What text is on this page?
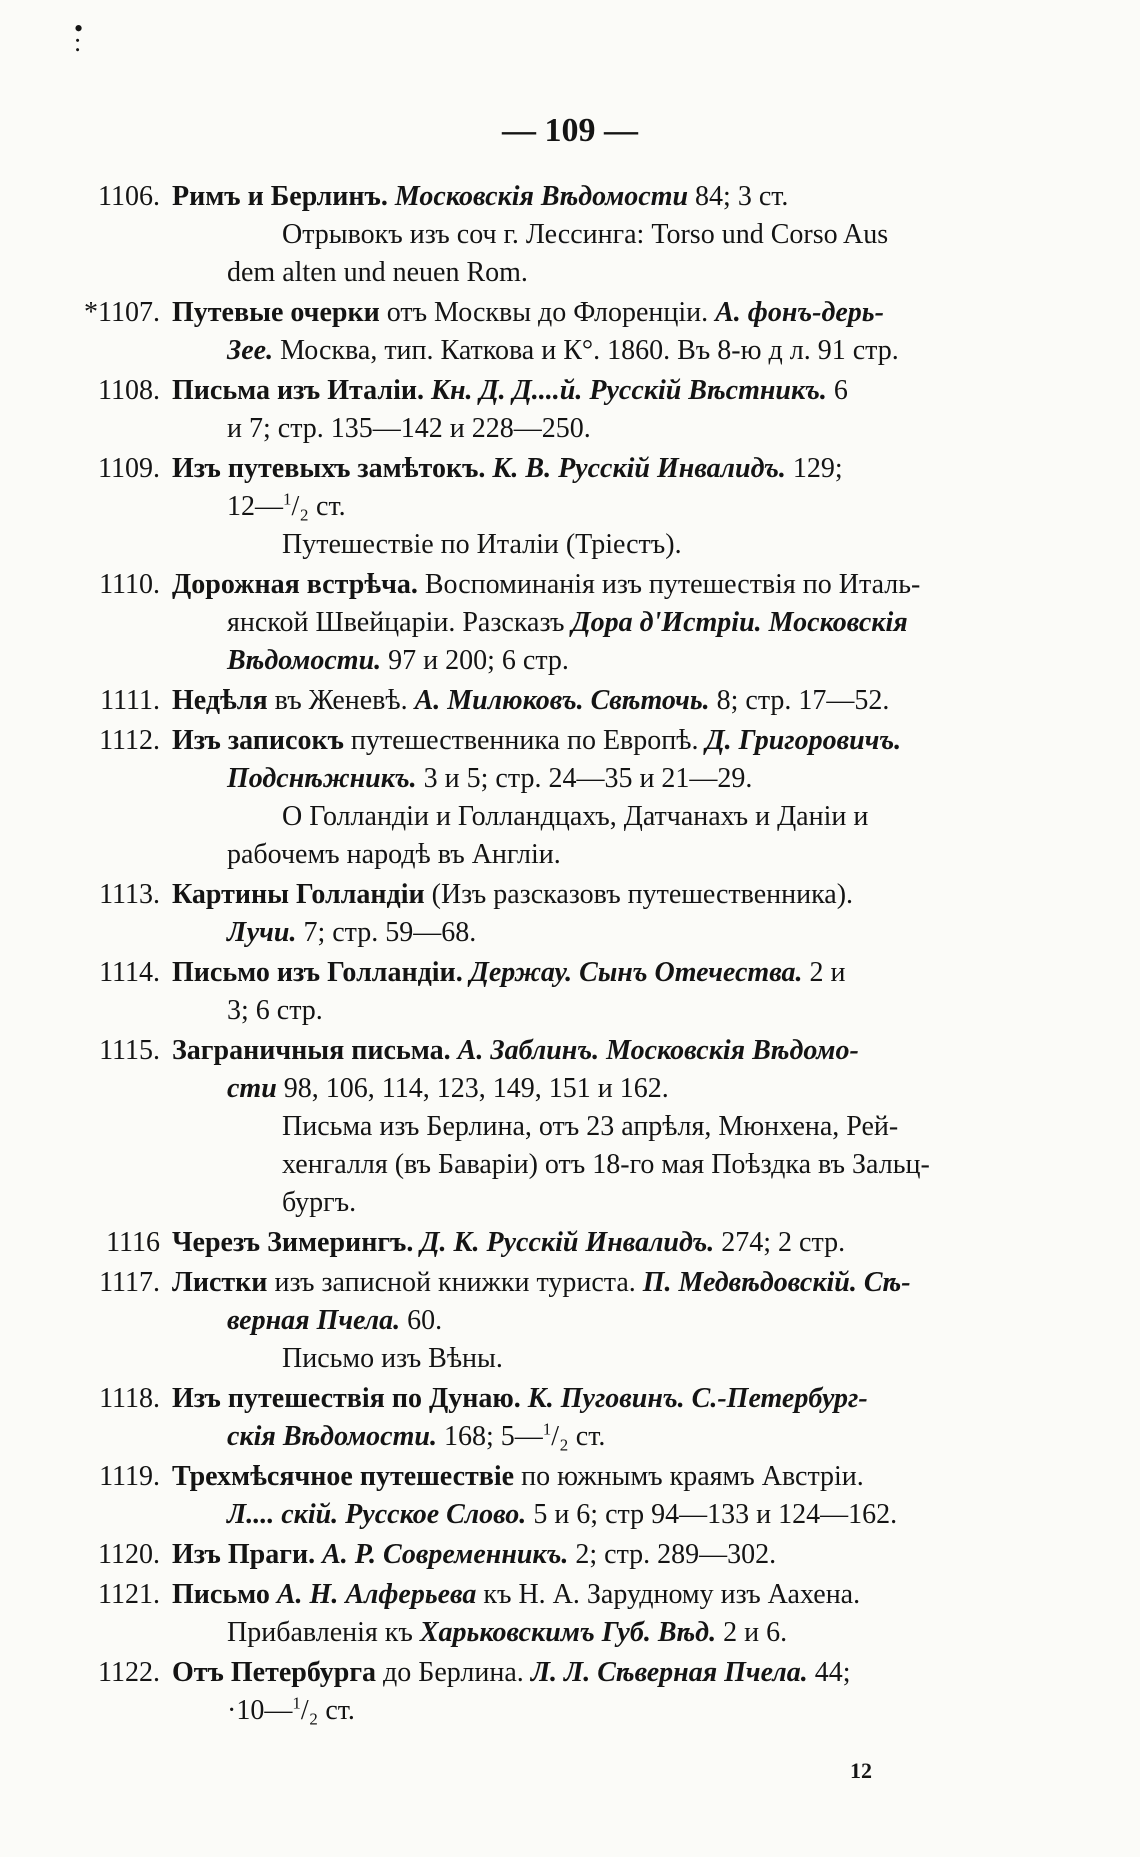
•
:
— 109 —
1106. Римъ и Берлинъ. Московскія Вѣдомости 84; 3 ст.
Отрывокъ изъ соч г. Лессинга: Torso und Corso Aus
dem alten und neuen Rom.
*1107. Путевые очерки отъ Москвы до Флоренціи. А. фонъ-дерь-
Зее. Москва, тип. Каткова и К°. 1860. Въ 8-ю д л. 91 стр.
1108. Письма изъ Италіи. Кн. Д. Д....й. Русскій Вѣстникъ. 6
и 7; стр. 135—142 и 228—250.
1109. Изъ путевыхъ замѣтокъ. К. В. Русскій Инвалидъ. 129;
12—$^1$/₂ ст.
Путешествіе по Италіи (Тріестъ).
1110. Дорожная встрѣча. Воспоминанія изъ путешествія по Италь-
янской Швейцаріи. Разсказъ Дора д'Истріи. Московскія
Вѣдомости. 97 и 200; 6 стр.
1111. Недѣля въ Женевѣ. А. Милюковъ. Свѣточь. 8; стр. 17—52.
1112. Изъ записокъ путешественника по Европѣ. Д. Григоровичъ.
Подснѣжникъ. 3 и 5; стр. 24—35 и 21—29.
О Голландіи и Голландцахъ, Датчанахъ и Даніи и
рабочемъ народѣ въ Англіи.
1113. Картины Голландіи (Изъ разсказовъ путешественника).
Лучи. 7; стр. 59—68.
1114. Письмо изъ Голландіи. Держау. Сынъ Отечества. 2 и
3; 6 стр.
1115. Заграничныя письма. А. Заблинъ. Московскія Вѣдомо-
сти 98, 106, 114, 123, 149, 151 и 162.
Письма изъ Берлина, отъ 23 апрѣля, Мюнхена, Рей-
хенгалля (въ Баваріи) отъ 18-го мая Поѣздка въ Зальц-
бургъ.
1116 Черезъ Зимерингъ. Д. К. Русскій Инвалидъ. 274; 2 стр.
1117. Листки изъ записной книжки туриста. П. Медвѣдовскій. Сѣ-
верная Пчела. 60.
Письмо изъ Вѣны.
1118. Изъ путешествія по Дунаю. К. Пуговинъ. С.-Петербург-
скія Вѣдомости. 168; 5—$^1$/₂ ст.
1119. Трехмѣсячное путешествіе по южнымъ краямъ Австріи.
Л.... скій. Русское Слово. 5 и 6; стр 94—133 и 124—162.
1120. Изъ Праги. А. Р. Современникъ. 2; стр. 289—302.
1121. Письмо А. Н. Алферьева къ Н. А. Зарудному изъ Аахена.
Прибавленія къ Харьковскимъ Губ. Вѣд. 2 и 6.
1122. Отъ Петербурга до Берлина. Л. Л. Сѣверная Пчела. 44;
·10—$^1$/₂ ст.
12
